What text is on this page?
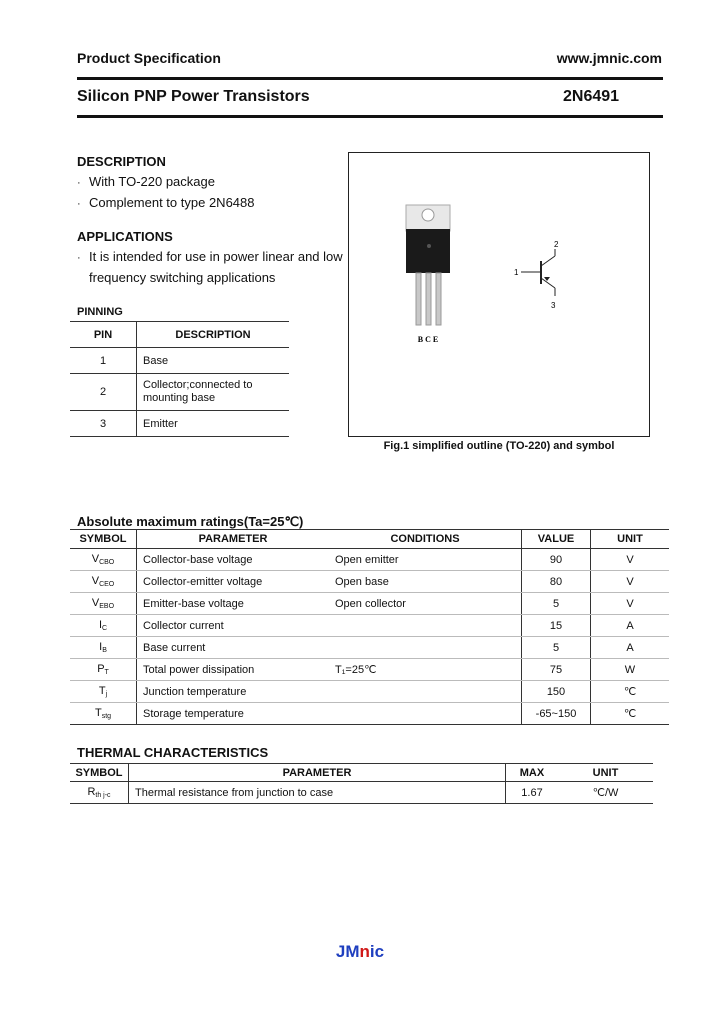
Product Specification	www.jmnic.com
Silicon PNP Power Transistors	2N6491
DESCRIPTION
· With TO-220 package
· Complement to type 2N6488
APPLICATIONS
· It is intended for use in power linear and low
frequency switching applications
PINNING
PIN	DESCRIPTION
1	Base
2	Collector;connected to
mounting base

3	Emitter
B C E
1
2
3
Fig.1 simplified outline (TO-220) and symbol
Absolute maximum ratings(Ta=25℃)
SYMBOL	PARAMETER	CONDITIONS	VALUE	UNIT
$V_{CBO}$	Collector-base voltage	Open emitter	90	V
$V_{CEO}$	Collector-emitter voltage	Open base	80	V
$V_{EBO}$	Emitter-base voltage	Open collector	5	V
$I_C$	Collector current		15	A
$I_B$	Base current		5	A
$P_T$	Total power dissipation	T₁=25℃	75	W
$T_j$	Junction temperature		150	℃
$T_{stg}$	Storage temperature		-65~150	℃
THERMAL CHARACTERISTICS
SYMBOL	PARAMETER	MAX	UNIT
$R_{th j-c}$	Thermal resistance from junction to case	1.67	℃/W
JMnic
